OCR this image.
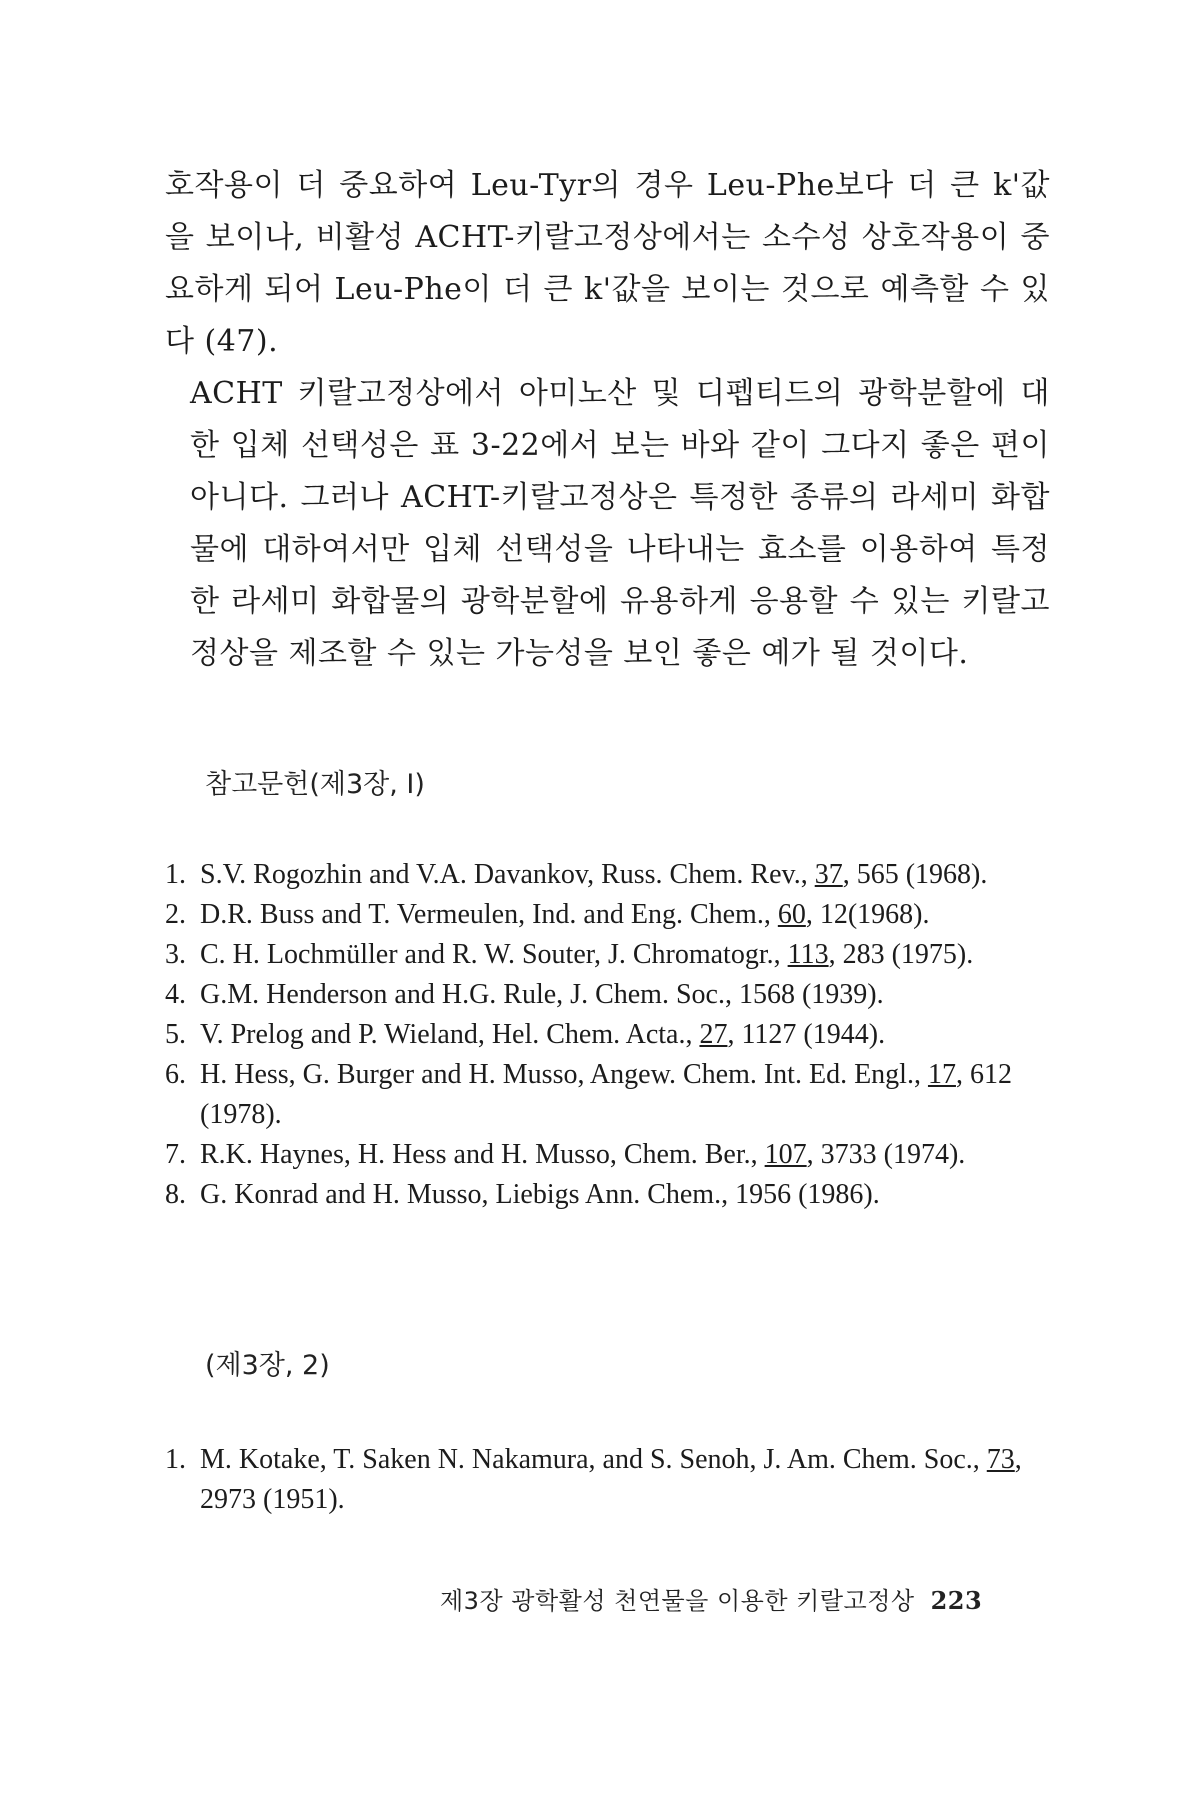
호작용이 더 중요하여 Leu-Tyr의 경우 Leu-Phe보다 더 큰 k'값을 보이나, 비활성 ACHT-키랄고정상에서는 소수성 상호작용이 중요하게 되어 Leu-Phe이 더 큰 k'값을 보이는 것으로 예측할 수 있다 (47).

ACHT 키랄고정상에서 아미노산 및 디펩티드의 광학분할에 대한 입체 선택성은 표 3-22에서 보는 바와 같이 그다지 좋은 편이 아니다. 그러나 ACHT-키랄고정상은 특정한 종류의 라세미 화합물에 대하여서만 입체 선택성을 나타내는 효소를 이용하여 특정한 라세미 화합물의 광학분할에 유용하게 응용할 수 있는 키랄고정상을 제조할 수 있는 가능성을 보인 좋은 예가 될 것이다.

참고문헌(제3장, Ⅰ)
1. S.V. Rogozhin and V.A. Davankov, Russ. Chem. Rev., 37, 565 (1968).
2. D.R. Buss and T. Vermeulen, Ind. and Eng. Chem., 60, 12(1968).
3. C. H. Lochmüller and R. W. Souter, J. Chromatogr., 113, 283 (1975).
4. G.M. Henderson and H.G. Rule, J. Chem. Soc., 1568 (1939).
5. V. Prelog and P. Wieland, Hel. Chem. Acta., 27, 1127 (1944).
6. H. Hess, G. Burger and H. Musso, Angew. Chem. Int. Ed. Engl., 17, 612 (1978).
7. R.K. Haynes, H. Hess and H. Musso, Chem. Ber., 107, 3733 (1974).
8. G. Konrad and H. Musso, Liebigs Ann. Chem., 1956 (1986).
(제3장, 2)
1. M. Kotake, T. Saken N. Nakamura, and S. Senoh, J. Am. Chem. Soc., 73, 2973 (1951).
제3장 광학활성 천연물을 이용한 키랄고정상 223
